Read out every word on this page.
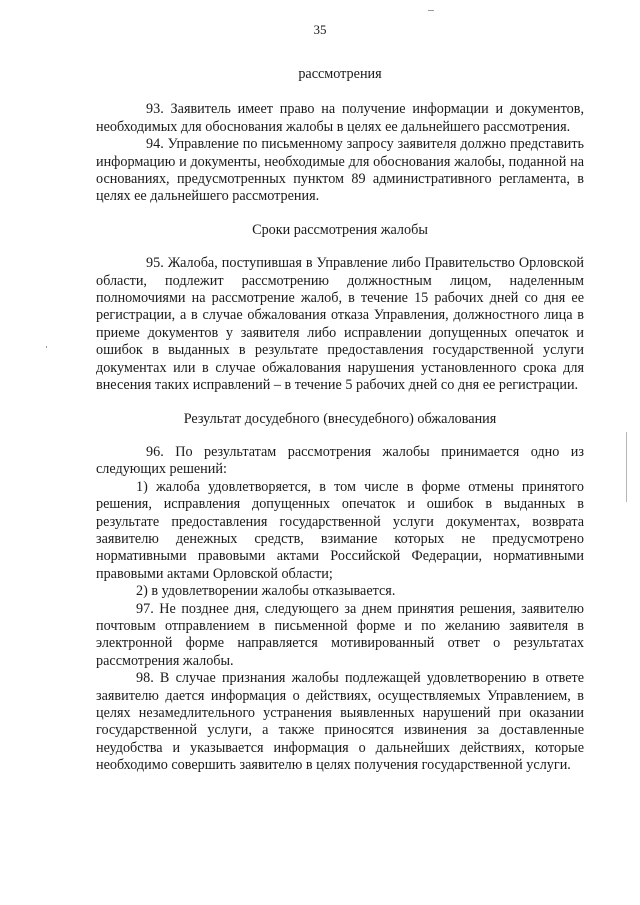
35

рассмотрения

93. Заявитель имеет право на получение информации и документов, необходимых для обоснования жалобы в целях ее дальнейшего рассмотрения.

94. Управление по письменному запросу заявителя должно представить информацию и документы, необходимые для обоснования жалобы, поданной на основаниях, предусмотренных пунктом 89 административного регламента, в целях ее дальнейшего рассмотрения.

Сроки рассмотрения жалобы

95. Жалоба, поступившая в Управление либо Правительство Орловской области, подлежит рассмотрению должностным лицом, наделенным полномочиями на рассмотрение жалоб, в течение 15 рабочих дней со дня ее регистрации, а в случае обжалования отказа Управления, должностного лица в приеме документов у заявителя либо исправлении допущенных опечаток и ошибок в выданных в результате предоставления государственной услуги документах или в случае обжалования нарушения установленного срока для внесения таких исправлений – в течение 5 рабочих дней со дня ее регистрации.

Результат досудебного (внесудебного) обжалования

96. По результатам рассмотрения жалобы принимается одно из следующих решений:

1) жалоба удовлетворяется, в том числе в форме отмены принятого решения, исправления допущенных опечаток и ошибок в выданных в результате предоставления государственной услуги документах, возврата заявителю денежных средств, взимание которых не предусмотрено нормативными правовыми актами Российской Федерации, нормативными правовыми актами Орловской области;

2) в удовлетворении жалобы отказывается.

97. Не позднее дня, следующего за днем принятия решения, заявителю почтовым отправлением в письменной форме и по желанию заявителя в электронной форме направляется мотивированный ответ о результатах рассмотрения жалобы.

98. В случае признания жалобы подлежащей удовлетворению в ответе заявителю дается информация о действиях, осуществляемых Управлением, в целях незамедлительного устранения выявленных нарушений при оказании государственной услуги, а также приносятся извинения за доставленные неудобства и указывается информация о дальнейших действиях, которые необходимо совершить заявителю в целях получения государственной услуги.
